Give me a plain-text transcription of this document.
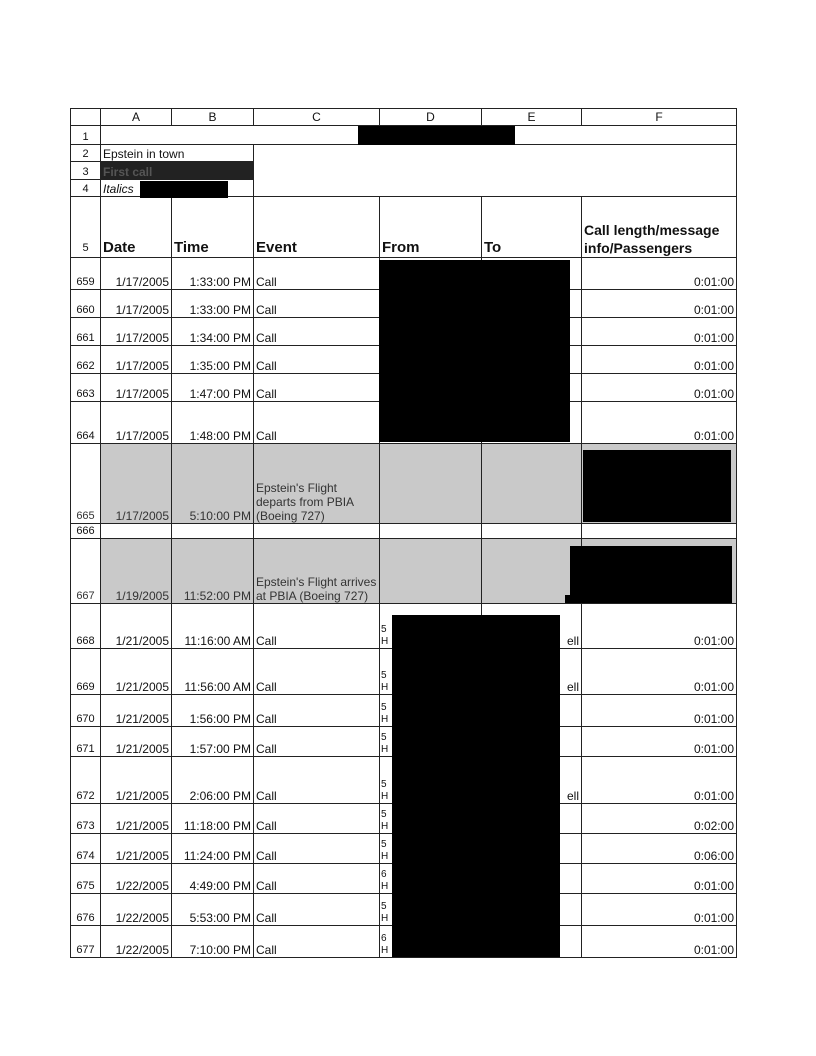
	A	B	C	D	E	F
1						
2	Epstein in town					
3	First call					
4	Italics					
5	Date	Time	Event	From	To	Call length/message info/Passengers
659	1/17/2005	1:33:00 PM	Call			0:01:00
660	1/17/2005	1:33:00 PM	Call			0:01:00
661	1/17/2005	1:34:00 PM	Call			0:01:00
662	1/17/2005	1:35:00 PM	Call			0:01:00
663	1/17/2005	1:47:00 PM	Call			0:01:00
664	1/17/2005	1:48:00 PM	Call			0:01:00
665	1/17/2005	5:10:00 PM	Epstein's Flight departs from PBIA (Boeing 727)			
666						
667	1/19/2005	11:52:00 PM	Epstein's Flight arrives at PBIA (Boeing 727)			
668	1/21/2005	11:16:00 AM	Call	5
H	ell	0:01:00
669	1/21/2005	11:56:00 AM	Call	5
H	ell	0:01:00
670	1/21/2005	1:56:00 PM	Call	5
H		0:01:00
671	1/21/2005	1:57:00 PM	Call	5
H		0:01:00
672	1/21/2005	2:06:00 PM	Call	5
H	ell	0:01:00
673	1/21/2005	11:18:00 PM	Call	5
H		0:02:00
674	1/21/2005	11:24:00 PM	Call	5
H		0:06:00
675	1/22/2005	4:49:00 PM	Call	6
H		0:01:00
676	1/22/2005	5:53:00 PM	Call	5
H		0:01:00
677	1/22/2005	7:10:00 PM	Call	6
H		0:01:00
